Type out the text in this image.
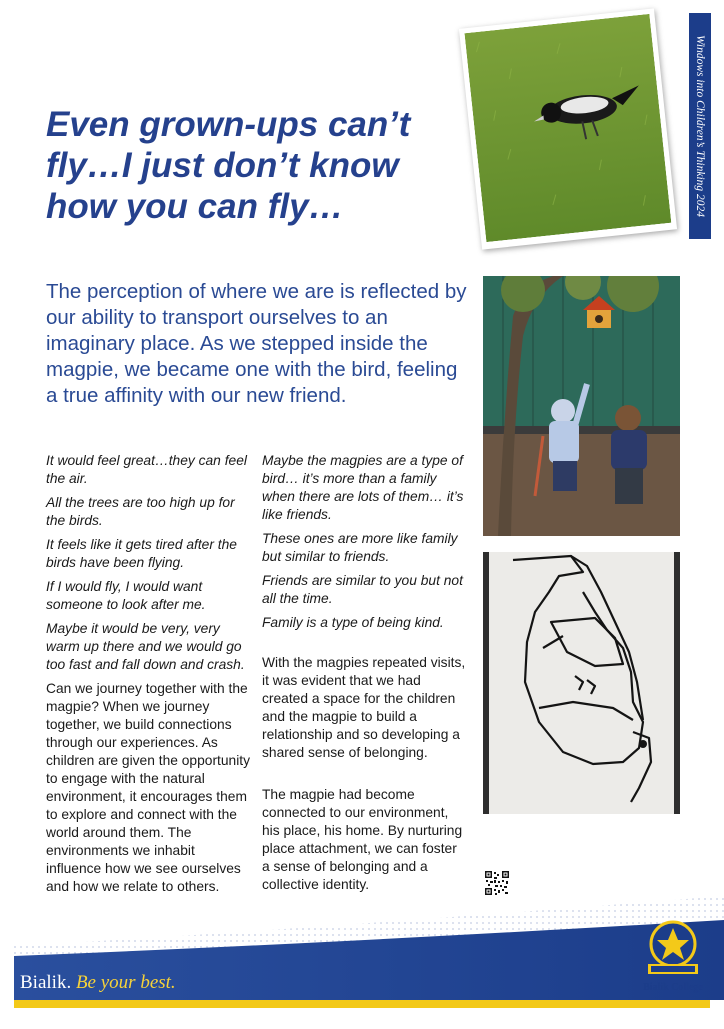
Even grown-ups can’t fly…I just don’t know how you can fly…	Windows into Children’s Thinking 2024

The perception of where we are is reflected by our ability to transport ourselves to an imaginary place. As we stepped inside the magpie, we became one with the bird, feeling a true affinity with our new friend.

It would feel great…they can feel the air.

All the trees are too high up for the birds.

It feels like it gets tired after the birds have been flying.

If I would fly, I would want someone to look after me.

Maybe it would be very, very warm up there and we would go too fast and fall down and crash.

Can we journey together with the magpie? When we journey together, we build connections through our experiences. As children are given the opportunity to engage with the natural environment, it encourages them to explore and connect with the world around them. The environments we inhabit influence how we see ourselves and how we relate to others.

Maybe the magpies are a type of bird… it’s more than a family when there are lots of them… it’s like friends.

These ones are more like family but similar to friends.

Friends are similar to you but not all the time.

Family is a type of being kind.

With the magpies repeated visits, it was evident that we had created a space for the children and the magpie to build a relationship and so developing a shared sense of belonging.

The magpie had become connected to our environment, his place, his home. By nurturing place attachment, we can foster a sense of belonging and a collective identity.

Bialik. Be your best.	Bialik College
